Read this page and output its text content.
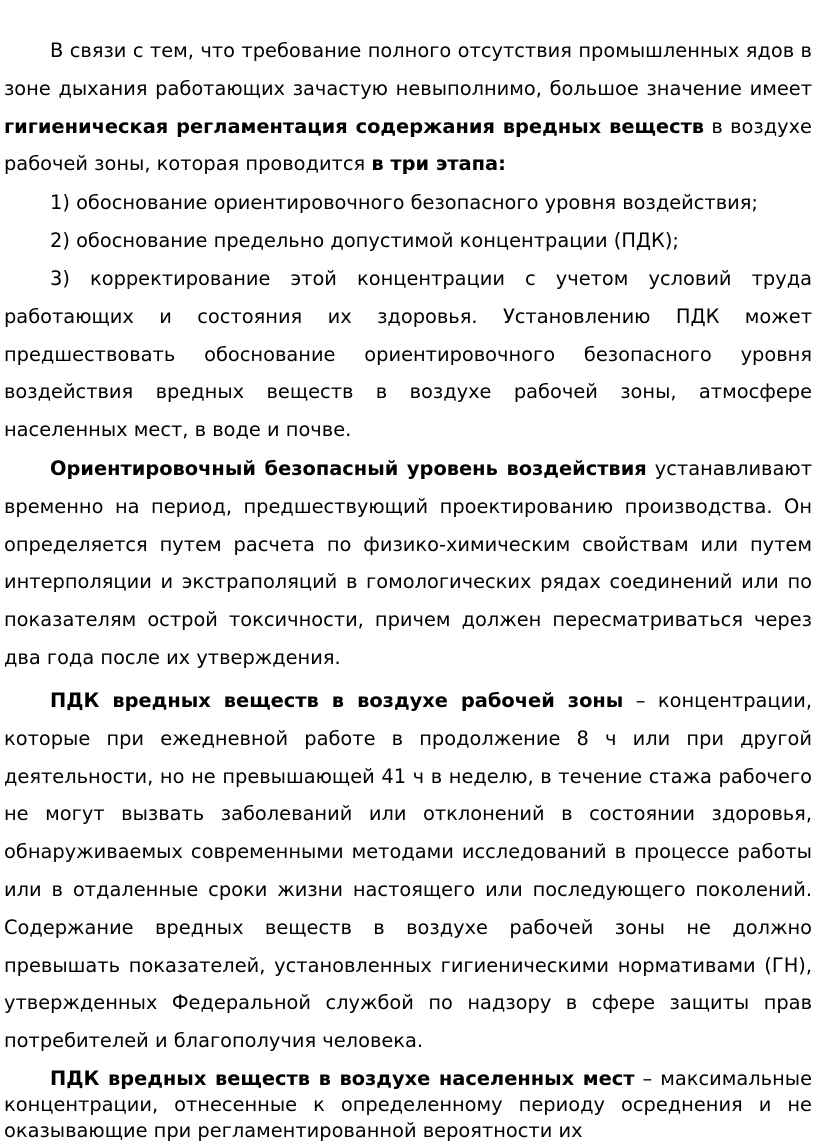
В связи с тем, что требование полного отсутствия промышленных ядов в зоне дыхания работающих зачастую невыполнимо, большое значение имеет гигиеническая регламентация содержания вредных веществ в воздухе рабочей зоны, которая проводится в три этапа:

1) обоснование ориентировочного безопасного уровня воздействия;

2) обоснование предельно допустимой концентрации (ПДК);

3) корректирование этой концентрации с учетом условий труда работающих и состояния их здоровья. Установлению ПДК может предшествовать обоснование ориентировочного безопасного уровня воздействия вредных веществ в воздухе рабочей зоны, атмосфере населенных мест, в воде и почве.

Ориентировочный безопасный уровень воздействия устанавливают временно на период, предшествующий проектированию производства. Он определяется путем расчета по физико-химическим свойствам или путем интерполяции и экстраполяций в гомологических рядах соединений или по показателям острой токсичности, причем должен пересматриваться через два года после их утверждения.

ПДК вредных веществ в воздухе рабочей зоны – концентрации, которые при ежедневной работе в продолжение 8 ч или при другой деятельности, но не превышающей 41 ч в неделю, в течение стажа рабочего не могут вызвать заболеваний или отклонений в состоянии здоровья, обнаруживаемых современными методами исследований в процессе работы или в отдаленные сроки жизни настоящего или последующего поколений. Содержание вредных веществ в воздухе рабочей зоны не должно превышать показателей, установленных гигиеническими нормативами (ГН), утвержденных Федеральной службой по надзору в сфере защиты прав потребителей и благополучия человека.

ПДК вредных веществ в воздухе населенных мест – максимальные концентрации, отнесенные к определенному периоду осреднения и не оказывающие при регламентированной вероятности их
